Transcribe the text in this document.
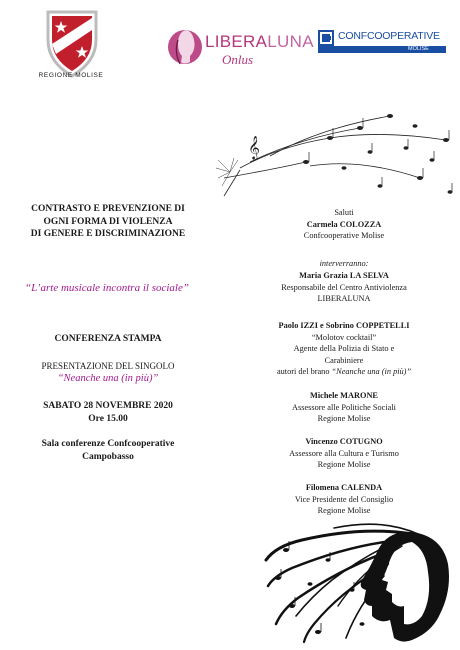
REGIONE MOLISE
LIBERALUNA
Onlus
CONFCOOPERATIVE
MOLISE
𝄞
CONTRASTO E PREVENZIONE DI
OGNI FORMA DI VIOLENZA
DI GENERE E DISCRIMINAZIONE
“L’arte musicale incontra il sociale”
CONFERENZA STAMPA
PRESENTAZIONE DEL SINGOLO
“Neanche una (in più)”
SABATO 28 NOVEMBRE 2020
Ore 15.00
Sala conferenze Confcooperative
Campobasso
Saluti
Carmela COLOZZA
Confcooperative Molise
interverranno:
Maria Grazia LA SELVA
Responsabile del Centro Antiviolenza
LIBERALUNA
Paolo IZZI e Sobrino COPPETELLI
“Molotov cocktail”
Agente della Polizia di Stato e
Carabiniere
autori del brano “Neanche una (in più)”
Michele MARONE
Assessore alle Politiche Sociali
Regione Molise
Vincenzo COTUGNO
Assessore alla Cultura e Turismo
Regione Molise
Filomena CALENDA
Vice Presidente del Consiglio
Regione Molise
